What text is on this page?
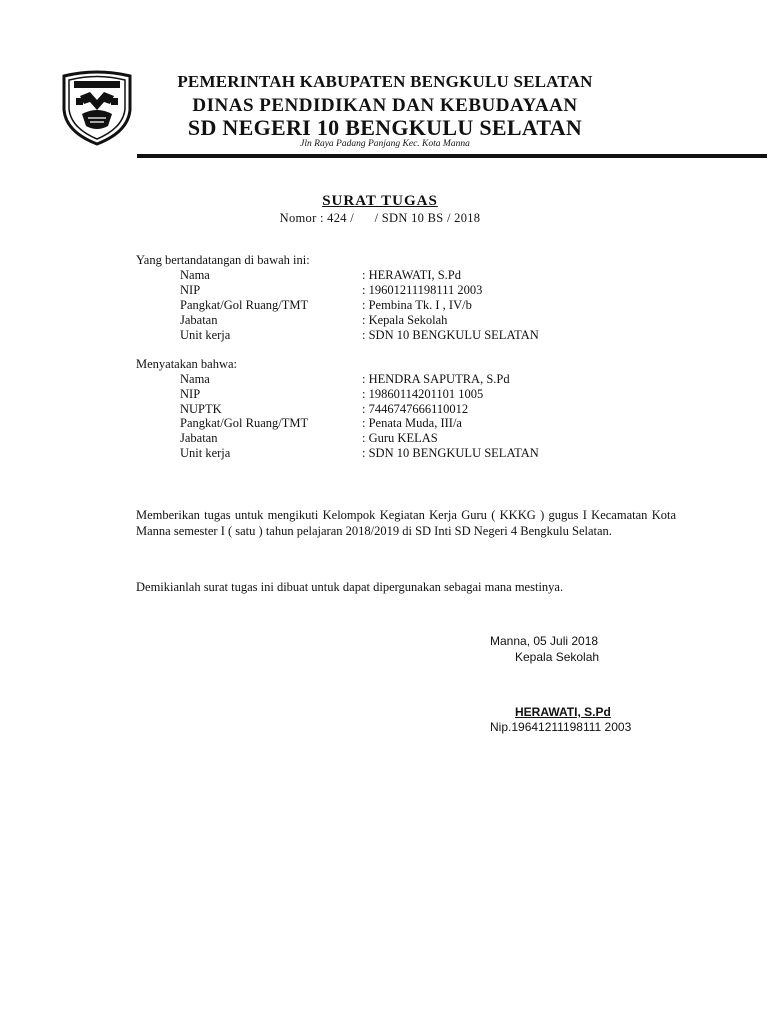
PEMERINTAH KABUPATEN BENGKULU SELATAN
DINAS PENDIDIKAN DAN KEBUDAYAAN
SD NEGERI 10 BENGKULU SELATAN
Jln Raya Padang Panjang Kec. Kota Manna
SURAT TUGAS
Nomor : 424 /      / SDN 10 BS / 2018
Yang bertandatangan di bawah ini:
Nama	: HERAWATI, S.Pd
NIP	: 19601211198111 2003
Pangkat/Gol Ruang/TMT	: Pembina Tk. I , IV/b
Jabatan	: Kepala Sekolah
Unit kerja	: SDN 10 BENGKULU SELATAN
Menyatakan bahwa:
Nama	: HENDRA SAPUTRA, S.Pd
NIP	: 19860114201101 1005
NUPTK	: 7446747666110012
Pangkat/Gol Ruang/TMT	: Penata Muda, III/a
Jabatan	: Guru KELAS
Unit kerja	: SDN 10 BENGKULU SELATAN
Memberikan tugas untuk mengikuti Kelompok Kegiatan Kerja Guru ( KKKG ) gugus I Kecamatan Kota Manna semester I ( satu ) tahun pelajaran 2018/2019 di SD Inti SD Negeri 4 Bengkulu Selatan.
Demikianlah surat tugas ini dibuat untuk dapat dipergunakan sebagai mana mestinya.
Manna, 05 Juli 2018
Kepala Sekolah
HERAWATI, S.Pd
Nip.19641211198111 2003
